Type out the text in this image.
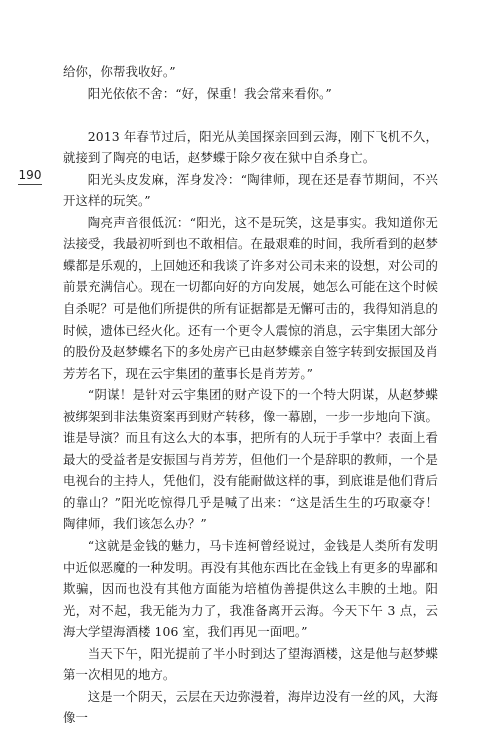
190

给你，你帮我收好。”

阳光依依不舍：“好，保重！我会常来看你。”

2013 年春节过后，阳光从美国探亲回到云海，刚下飞机不久，就接到了陶亮的电话，赵梦蝶于除夕夜在狱中自杀身亡。

阳光头皮发麻，浑身发冷：“陶律师，现在还是春节期间，不兴开这样的玩笑。”

陶亮声音很低沉：“阳光，这不是玩笑，这是事实。我知道你无法接受，我最初听到也不敢相信。在最艰难的时间，我所看到的赵梦蝶都是乐观的，上回她还和我谈了许多对公司未来的设想，对公司的前景充满信心。现在一切都向好的方向发展，她怎么可能在这个时候自杀呢？可是他们所提供的所有证据都是无懈可击的，我得知消息的时候，遗体已经火化。还有一个更令人震惊的消息，云宇集团大部分的股份及赵梦蝶名下的多处房产已由赵梦蝶亲自签字转到安振国及肖芳芳名下，现在云宇集团的董事长是肖芳芳。”

“阴谋！是针对云宇集团的财产设下的一个特大阴谋，从赵梦蝶被绑架到非法集资案再到财产转移，像一幕剧，一步一步地向下演。谁是导演？而且有这么大的本事，把所有的人玩于手掌中？表面上看最大的受益者是安振国与肖芳芳，但他们一个是辞职的教师，一个是电视台的主持人，凭他们，没有能耐做这样的事，到底谁是他们背后的靠山？”阳光吃惊得几乎是喊了出来：“这是活生生的巧取豪夺！陶律师，我们该怎么办？”

“这就是金钱的魅力，马卡连柯曾经说过，金钱是人类所有发明中近似恶魔的一种发明。再没有其他东西比在金钱上有更多的卑鄙和欺骗，因而也没有其他方面能为培植伪善提供这么丰腴的土地。阳光，对不起，我无能为力了，我准备离开云海。今天下午 3 点，云海大学望海酒楼 106 室，我们再见一面吧。”

当天下午，阳光提前了半小时到达了望海酒楼，这是他与赵梦蝶第一次相见的地方。

这是一个阴天，云层在天边弥漫着，海岸边没有一丝的风，大海像一
